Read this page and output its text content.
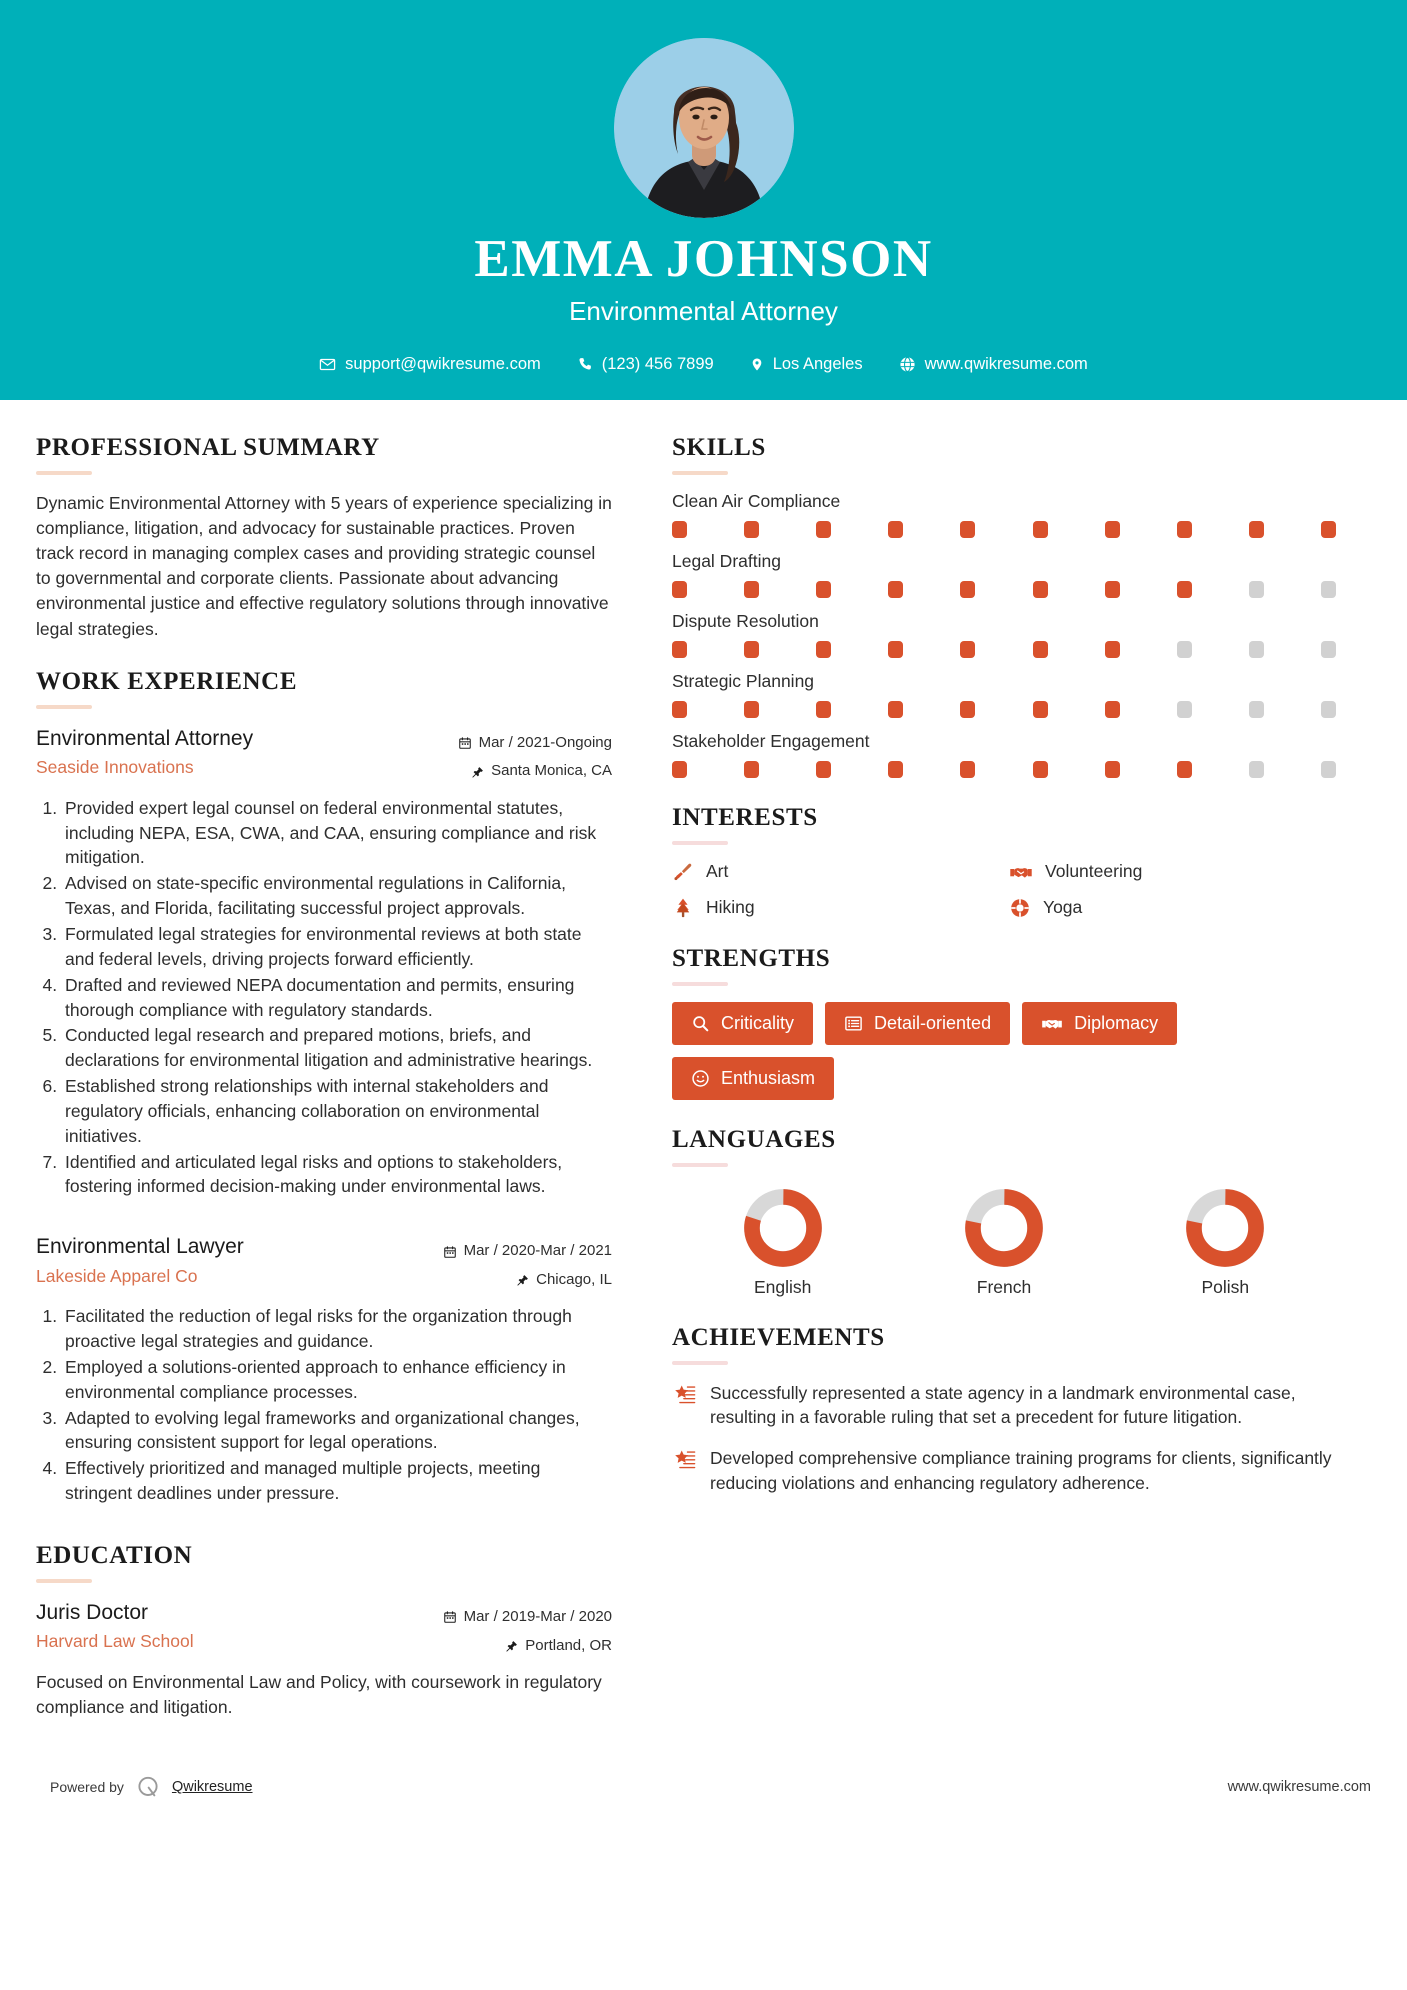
EMMA JOHNSON
Environmental Attorney
support@qwikresume.com	(123) 456 7899	Los Angeles	www.qwikresume.com
PROFESSIONAL SUMMARY
Dynamic Environmental Attorney with 5 years of experience specializing in compliance, litigation, and advocacy for sustainable practices. Proven track record in managing complex cases and providing strategic counsel to governmental and corporate clients. Passionate about advancing environmental justice and effective regulatory solutions through innovative legal strategies.
WORK EXPERIENCE
Environmental Attorney
Seaside Innovations
Mar / 2021-Ongoing
Santa Monica, CA
1. Provided expert legal counsel on federal environmental statutes, including NEPA, ESA, CWA, and CAA, ensuring compliance and risk mitigation.
2. Advised on state-specific environmental regulations in California, Texas, and Florida, facilitating successful project approvals.
3. Formulated legal strategies for environmental reviews at both state and federal levels, driving projects forward efficiently.
4. Drafted and reviewed NEPA documentation and permits, ensuring thorough compliance with regulatory standards.
5. Conducted legal research and prepared motions, briefs, and declarations for environmental litigation and administrative hearings.
6. Established strong relationships with internal stakeholders and regulatory officials, enhancing collaboration on environmental initiatives.
7. Identified and articulated legal risks and options to stakeholders, fostering informed decision-making under environmental laws.
Environmental Lawyer
Lakeside Apparel Co
Mar / 2020-Mar / 2021
Chicago, IL
1. Facilitated the reduction of legal risks for the organization through proactive legal strategies and guidance.
2. Employed a solutions-oriented approach to enhance efficiency in environmental compliance processes.
3. Adapted to evolving legal frameworks and organizational changes, ensuring consistent support for legal operations.
4. Effectively prioritized and managed multiple projects, meeting stringent deadlines under pressure.
EDUCATION
Juris Doctor
Harvard Law School
Mar / 2019-Mar / 2020
Portland, OR
Focused on Environmental Law and Policy, with coursework in regulatory compliance and litigation.
SKILLS
Clean Air Compliance
Legal Drafting
Dispute Resolution
Strategic Planning
Stakeholder Engagement
INTERESTS
Art	Volunteering
Hiking	Yoga
STRENGTHS
Criticality	Detail-oriented	Diplomacy
Enthusiasm
LANGUAGES
English	French	Polish
ACHIEVEMENTS
Successfully represented a state agency in a landmark environmental case, resulting in a favorable ruling that set a precedent for future litigation.
Developed comprehensive compliance training programs for clients, significantly reducing violations and enhancing regulatory adherence.
Powered by	Qwikresume	www.qwikresume.com
